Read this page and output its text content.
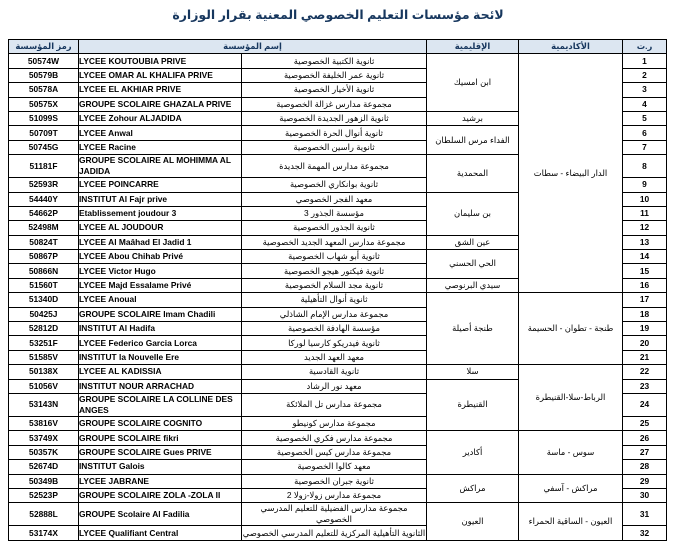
لائحة مؤسسات التعليم الخصوصي المعنية بقرار الوزارة
ر.ت	الأكاديمية	الإقليمية	إسم المؤسسة		رمز المؤسسة
1	الدار البيضاء - سطات	ابن امسيك	ثانوية الكتبية الخصوصية	LYCEE KOUTOUBIA PRIVE	50574W
2			ثانوية عمر الخليفة الخصوصية	LYCEE OMAR AL KHALIFA PRIVE	50579B
3			ثانوية الأخيار الخصوصية	LYCEE EL AKHIAR PRIVE	50578A
4			مجموعة مدارس غزالة الخصوصية	GROUPE SCOLAIRE GHAZALA PRIVE	50575X
5		برشيد	ثانوية الزهور الجديدة الخصوصية	LYCEE Zohour ALJADIDA	51099S
6		الفداء مرس السلطان	ثانوية أنوال الحرة الخصوصية	LYCEE Anwal	50709T
7			ثانوية راسين الخصوصية	LYCEE Racine	50745G
8		المحمدية	مجموعة مدارس المهمة الجديدة	GROUPE SCOLAIRE AL MOHIMMA AL JADIDA	51181F
9			ثانوية بوانكاري الخصوصية	LYCEE POINCARRE	52593R
10		بن سليمان	معهد الفجر الخصوصي	INSTITUT Al Fajr prive	54440Y
11			مؤسسة الجذور 3	Etablissement joudour 3	54662P
12			ثانوية الجذور الخصوصية	LYCEE AL JOUDOUR	52498M
13		عين الشق	مجموعة مدارس المعهد الجديد الخصوصية	LYCEE Al Maâhad El Jadid 1	50824T
14		الحي الحسني	ثانوية أبو شهاب الخصوصية	LYCEE Abou Chihab Privé	50867P
15			ثانوية فيكتور هيجو الخصوصية	LYCEE Victor Hugo	50866N
16		سيدي البرنوصي	ثانوية مجد السلام الخصوصية	LYCEE Majd Essalame Privé	51560T
17	طنجة - تطوان - الحسيمة	طنجة أصيلة	ثانوية أنوال التأهيلية	LYCEE Anoual	51340D
18			مجموعة مدارس الإمام الشاذلي	GROUPE SCOLAIRE Imam Chadili	50425J
19			مؤسسة الهادفة الخصوصية	INSTITUT Al Hadifa	52812D
20			ثانوية فيدريكو كارسيا لوركا	LYCEE Federico Garcia Lorca	53251F
21			معهد العهد الجديد	INSTITUT la Nouvelle Ere	51585V
22	الرباط-سلا-القنيطرة	سلا	ثانوية القادسية	LYCEE AL KADISSIA	50138X
23		القنيطرة	معهد نور الرشاد	INSTITUT NOUR ARRACHAD	51056V
24			مجموعة مدارس تل الملائكة	GROUPE SCOLAIRE LA COLLINE DES ANGES	53143N
25			مجموعة مدارس كونيطو	GROUPE SCOLAIRE COGNITO	53816V
26	سوس - ماسة	أكادير	مجموعة مدارس فكري الخصوصية	GROUPE SCOLAIRE fikri	53749X
27			مجموعة مدارس كيس الخصوصية	GROUPE SCOLAIRE Gues PRIVE	50357K
28			معهد كالوا الخصوصية	INSTITUT Galois	52674D
29	مراكش - آسفي	مراكش	ثانوية جبران الخصوصية	LYCEE JABRANE	50349B
30			مجموعة مدارس زولا-زولا 2	GROUPE SCOLAIRE ZOLA -ZOLA II	52523P
31	العيون - الساقية الحمراء	العيون	مجموعة مدارس الفضيلية للتعليم المدرسي الخصوصي	GROUPE Scolaire Al Fadilia	52888L
32			الثانوية التأهيلية المركزية للتعليم المدرسي الخصوصي	LYCEE Qualifiant Central	53174X
